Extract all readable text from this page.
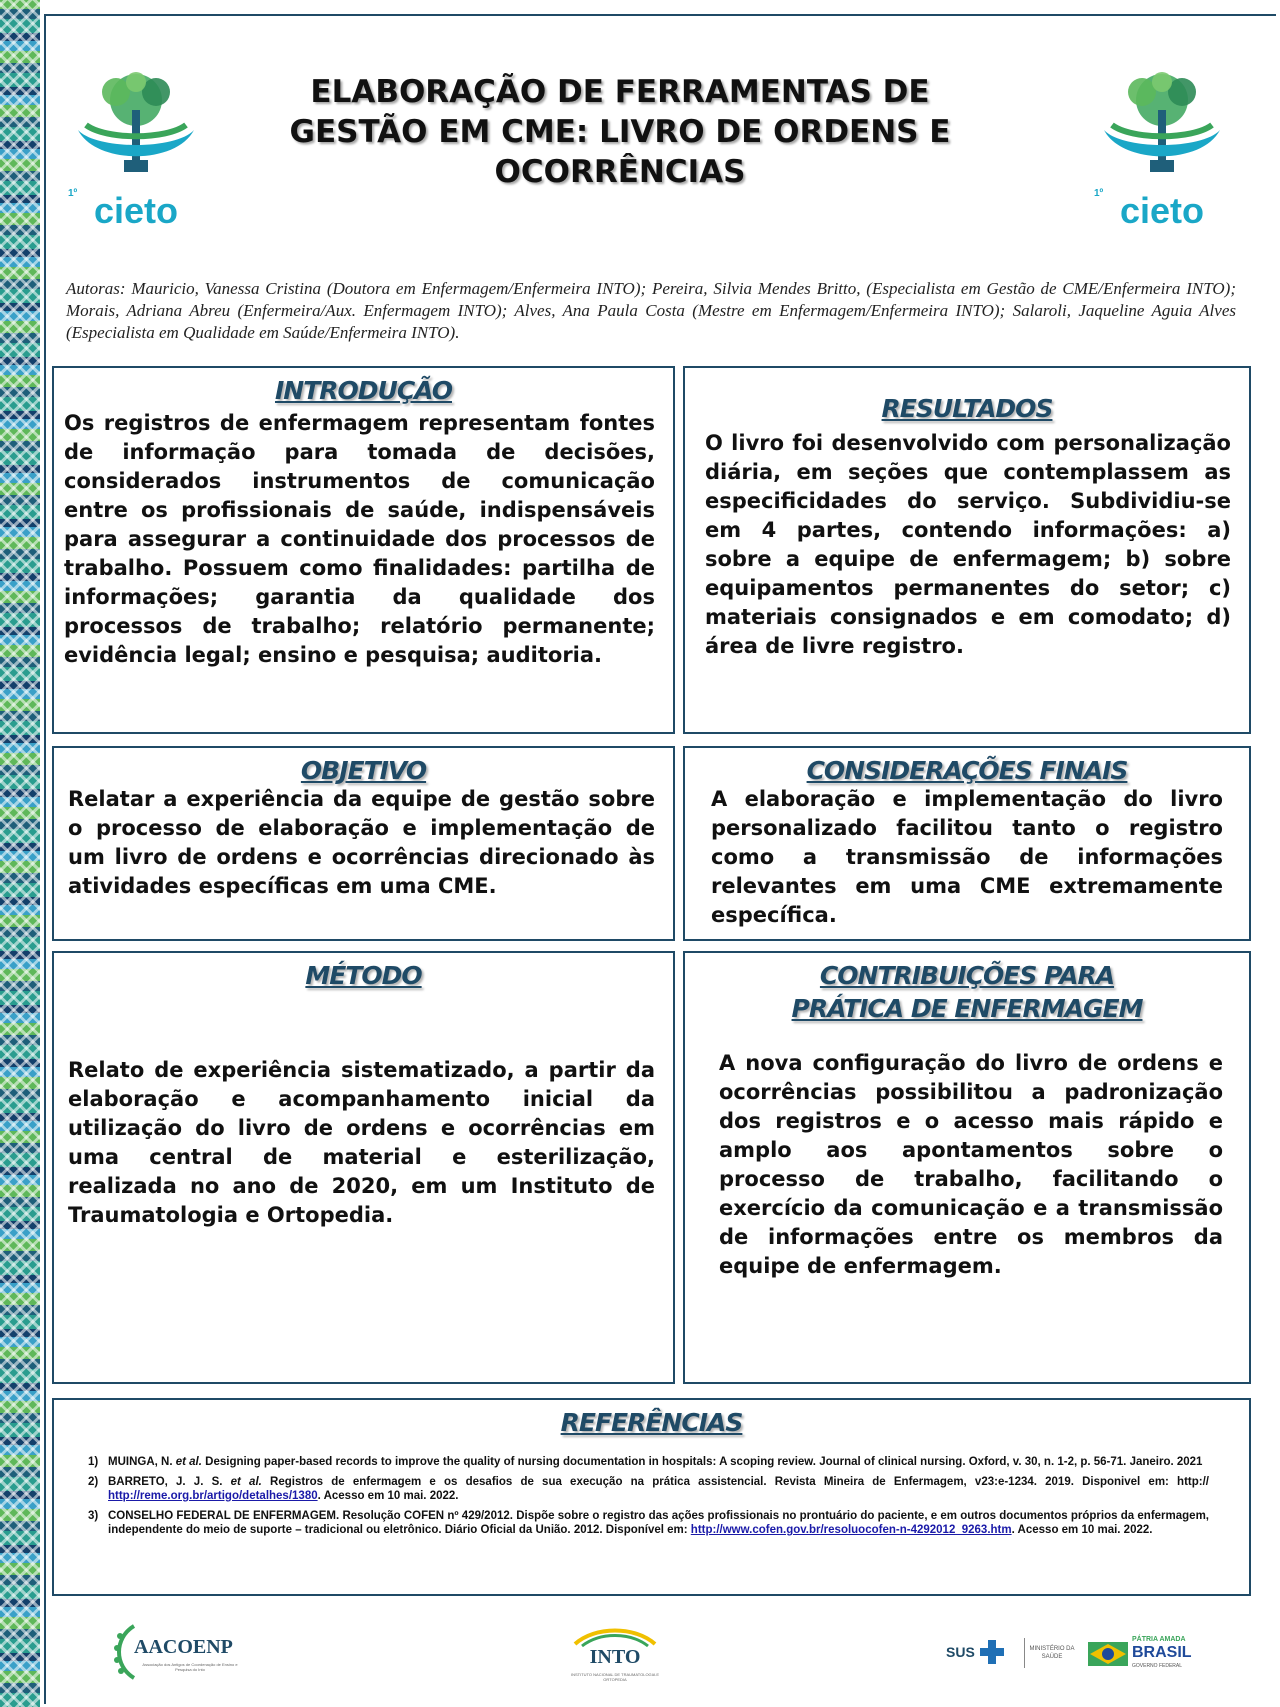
1º cieto	1º cieto
ELABORAÇÃO DE FERRAMENTAS DE GESTÃO EM CME: LIVRO DE ORDENS E OCORRÊNCIAS
Autoras: Mauricio, Vanessa Cristina (Doutora em Enfermagem/Enfermeira INTO); Pereira, Silvia Mendes Britto, (Especialista em Gestão de CME/Enfermeira INTO); Morais, Adriana Abreu (Enfermeira/Aux. Enfermagem INTO); Alves, Ana Paula Costa (Mestre em Enfermagem/Enfermeira INTO); Salaroli, Jaqueline Aguia Alves (Especialista em Qualidade em Saúde/Enfermeira INTO).
INTRODUÇÃO
Os registros de enfermagem representam fontes de informação para tomada de decisões, considerados instrumentos de comunicação entre os profissionais de saúde, indispensáveis para assegurar a continuidade dos processos de trabalho. Possuem como finalidades: partilha de informações; garantia da qualidade dos processos de trabalho; relatório permanente; evidência legal; ensino e pesquisa; auditoria.
RESULTADOS
O livro foi desenvolvido com personalização diária, em seções que contemplassem as especificidades do serviço. Subdividiu-se em 4 partes, contendo informações: a) sobre a equipe de enfermagem; b) sobre equipamentos permanentes do setor; c) materiais consignados e em comodato; d) área de livre registro.
OBJETIVO
Relatar a experiência da equipe de gestão sobre o processo de elaboração e implementação de um livro de ordens e ocorrências direcionado às atividades específicas em uma CME.
CONSIDERAÇÕES FINAIS
A elaboração e implementação do livro personalizado facilitou tanto o registro como a transmissão de informações relevantes em uma CME extremamente específica.
MÉTODO
Relato de experiência sistematizado, a partir da elaboração e acompanhamento inicial da utilização do livro de ordens e ocorrências em uma central de material e esterilização, realizada no ano de 2020, em um Instituto de Traumatologia e Ortopedia.
CONTRIBUIÇÕES PARA
PRÁTICA DE ENFERMAGEM
A nova configuração do livro de ordens e ocorrências possibilitou a padronização dos registros e o acesso mais rápido e amplo aos apontamentos sobre o processo de trabalho, facilitando o exercício da comunicação e a transmissão de informações entre os membros da equipe de enfermagem.
REFERÊNCIAS
1) MUINGA, N. et al. Designing paper-based records to improve the quality of nursing documentation in hospitals: A scoping review. Journal of clinical nursing. Oxford, v. 30, n. 1-2, p. 56-71. Janeiro. 2021
2) BARRETO, J. J. S. et al. Registros de enfermagem e os desafios de sua execução na prática assistencial. Revista Mineira de Enfermagem, v23:e-1234. 2019. Disponivel em: http:// http://reme.org.br/artigo/detalhes/1380. Acesso em 10 mai. 2022.
3) CONSELHO FEDERAL DE ENFERMAGEM. Resolução COFEN nº 429/2012. Dispõe sobre o registro das ações profissionais no prontuário do paciente, e em outros documentos próprios da enfermagem, independente do meio de suporte – tradicional ou eletrônico. Diário Oficial da União. 2012. Disponível em: http://www.cofen.gov.br/resoluocofen-n-4292012_9263.htm. Acesso em 10 mai. 2022.
AACOENP
Associação dos Antigos de Coordenação de Ensino e Pesquisa do Into
INTO
INSTITUTO NACIONAL DE TRAUMATOLOGIA E ORTOPEDIA
SUS	MINISTÉRIO DA
SAÚDE
PÁTRIA AMADA
BRASIL
GOVERNO FEDERAL
